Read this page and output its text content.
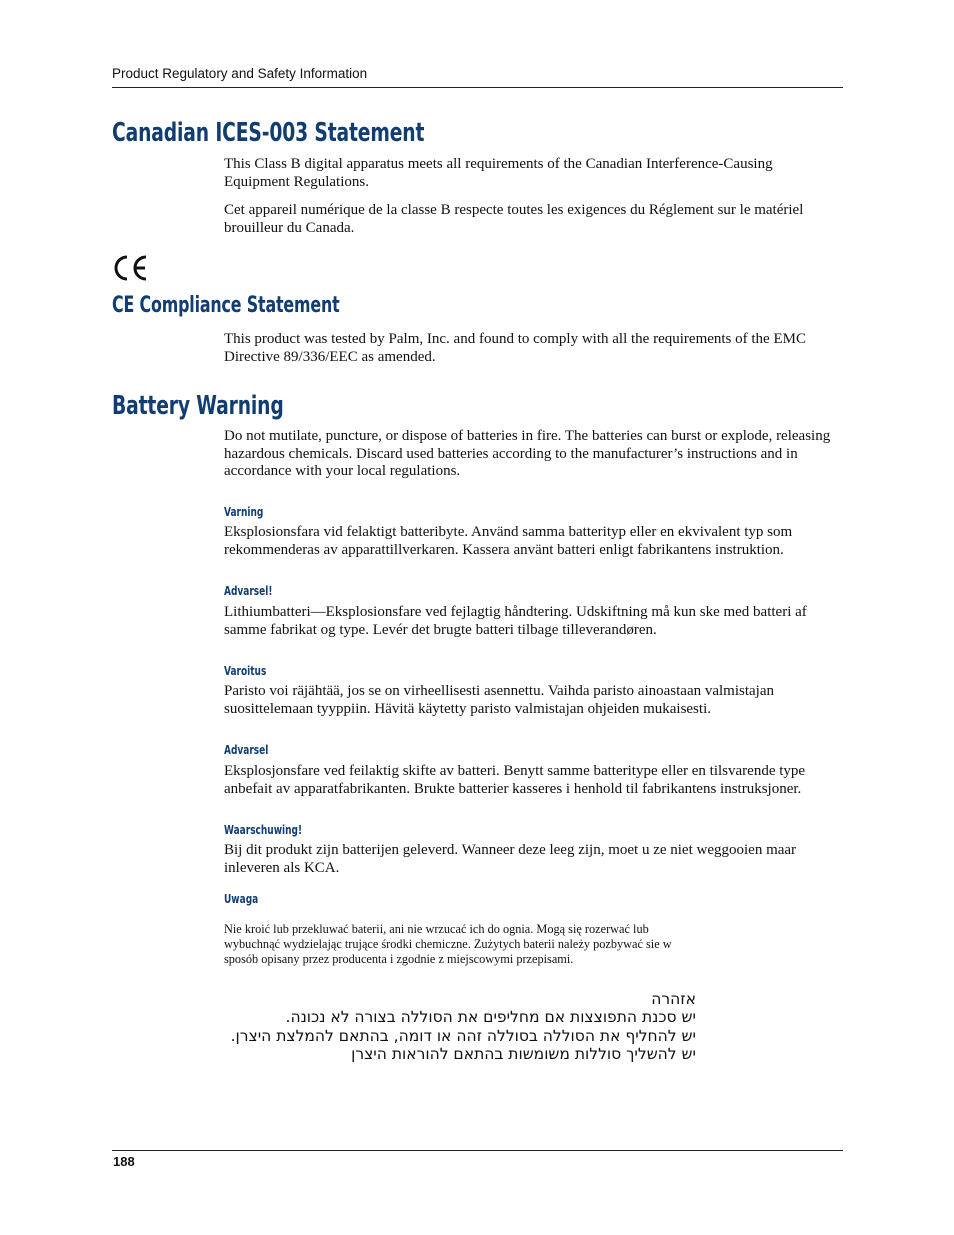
Product Regulatory and Safety Information
Canadian ICES-003 Statement

This Class B digital apparatus meets all requirements of the Canadian Interference-Causing Equipment Regulations.

Cet appareil numérique de la classe B respecte toutes les exigences du Réglement sur le matériel brouilleur du Canada.

CE Compliance Statement

This product was tested by Palm, Inc. and found to comply with all the requirements of the EMC Directive 89/336/EEC as amended.

Battery Warning

Do not mutilate, puncture, or dispose of batteries in fire. The batteries can burst or explode, releasing hazardous chemicals. Discard used batteries according to the manufacturer’s instructions and in accordance with your local regulations.

Varning

Eksplosionsfara vid felaktigt batteribyte. Använd samma batterityp eller en ekvivalent typ som rekommenderas av apparattillverkaren. Kassera använt batteri enligt fabrikantens instruktion.

Advarsel!

Lithiumbatteri—Eksplosionsfare ved fejlagtig håndtering. Udskiftning må kun ske med batteri af samme fabrikat og type. Levér det brugte batteri tilbage tilleverandøren.

Varoitus

Paristo voi räjähtää, jos se on virheellisesti asennettu. Vaihda paristo ainoastaan valmistajan suosittelemaan tyyppiin. Hävitä käytetty paristo valmistajan ohjeiden mukaisesti.

Advarsel

Eksplosjonsfare ved feilaktig skifte av batteri. Benytt samme batteritype eller en tilsvarende type anbefait av apparatfabrikanten. Brukte batterier kasseres i henhold til fabrikantens instruksjoner.

Waarschuwing!

Bij dit produkt zijn batterijen geleverd. Wanneer deze leeg zijn, moet u ze niet weggooien maar inleveren als KCA.

Uwaga
Nie kroić lub przekluwać baterii, ani nie wrzucać ich do ognia. Mogą się rozerwać lub
wybuchnąć wydzielając trujące środki chemiczne. Zużytych baterii należy pozbywać sie w
sposób opisany przez producenta i zgodnie z miejscowymi przepisami.
אזהרה
יש סכנת התפוצצות אם מחליפים את הסוללה בצורה לא נכונה.
יש להחליף את הסוללה בסוללה זהה או דומה, בהתאם להמלצת היצרן.
יש להשליך סוללות משומשות בהתאם להוראות היצרן
188
